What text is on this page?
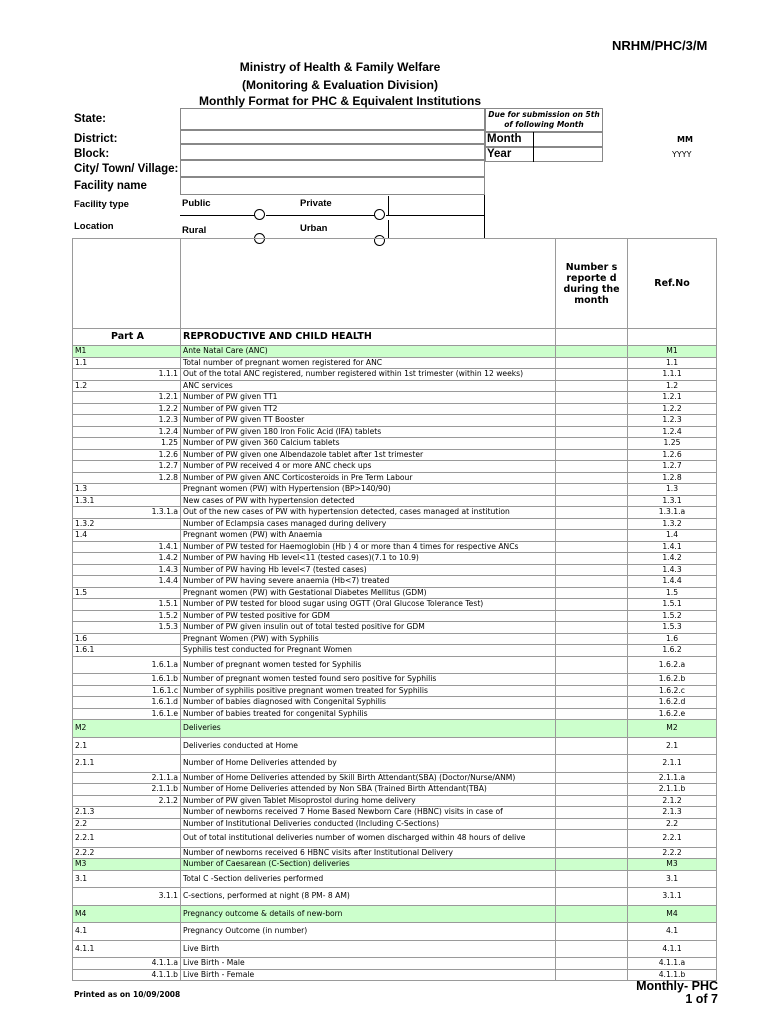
NRHM/PHC/3/M
Ministry of Health & Family Welfare
(Monitoring & Evaluation Division)
Monthly Format for PHC & Equivalent Institutions
State:
District:
Block:
City/ Town/ Village:
Facility name
Facility type
Location
Due for submission on 5th of following Month
Month
Year
MM
YYYY
Public	Private
Rural	Urban
		Number s reporte d during the month	Ref.No
Part A	REPRODUCTIVE AND CHILD HEALTH		
M1	Ante Natal Care (ANC)		M1
1.1	Total number of pregnant women registered for ANC		1.1
1.1.1	Out of the total ANC registered, number registered within 1st trimester (within 12 weeks)		1.1.1
1.2	ANC services		1.2
1.2.1	Number of PW given TT1		1.2.1
1.2.2	Number of PW given TT2		1.2.2
1.2.3	Number of PW given TT Booster		1.2.3
1.2.4	Number of PW given 180 Iron Folic Acid (IFA) tablets		1.2.4
1.25	Number of PW given 360 Calcium tablets		1.25
1.2.6	Number of PW given one Albendazole tablet after 1st trimester		1.2.6
1.2.7	Number of PW received 4 or more ANC check ups		1.2.7
1.2.8	Number of PW given ANC Corticosteroids in Pre Term Labour		1.2.8
1.3	Pregnant women (PW) with Hypertension (BP>140/90)		1.3
1.3.1	New cases of PW with hypertension detected		1.3.1
1.3.1.a	Out of the new cases of PW with hypertension detected, cases managed at institution		1.3.1.a
1.3.2	Number of Eclampsia cases managed during delivery		1.3.2
1.4	Pregnant women (PW) with Anaemia		1.4
1.4.1	Number of PW tested for Haemoglobin (Hb ) 4 or more than 4 times for respective ANCs		1.4.1
1.4.2	Number of PW having Hb level<11 (tested cases)(7.1 to 10.9)		1.4.2
1.4.3	Number of PW having Hb level<7 (tested cases)		1.4.3
1.4.4	Number of PW having severe anaemia (Hb<7) treated		1.4.4
1.5	Pregnant women (PW) with Gestational Diabetes Mellitus (GDM)		1.5
1.5.1	Number of PW tested for blood sugar using OGTT (Oral Glucose Tolerance Test)		1.5.1
1.5.2	Number of PW tested positive for GDM		1.5.2
1.5.3	Number of PW given insulin out of total tested positive for GDM		1.5.3
1.6	Pregnant Women (PW) with Syphilis		1.6
1.6.1	Syphilis test conducted for Pregnant Women		1.6.2
1.6.1.a	Number of pregnant women tested for Syphilis		1.6.2.a
1.6.1.b	Number of pregnant women tested found sero positive for Syphilis		1.6.2.b
1.6.1.c	Number of syphilis positive pregnant women treated for Syphilis		1.6.2.c
1.6.1.d	Number of babies diagnosed with Congenital Syphilis		1.6.2.d
1.6.1.e	Number of babies treated for congenital Syphilis		1.6.2.e
M2	Deliveries		M2
2.1	Deliveries conducted at Home		2.1
2.1.1	Number of Home Deliveries attended by		2.1.1
2.1.1.a	Number of Home Deliveries attended by Skill Birth Attendant(SBA) (Doctor/Nurse/ANM)		2.1.1.a
2.1.1.b	Number of Home Deliveries attended by Non SBA (Trained Birth Attendant(TBA)		2.1.1.b
2.1.2	Number of PW given Tablet Misoprostol during home delivery		2.1.2
2.1.3	Number of newborns received 7 Home Based Newborn Care (HBNC) visits in case of		2.1.3
2.2	Number of Institutional Deliveries conducted (Including C-Sections)		2.2
2.2.1	Out of total institutional deliveries number of women discharged within 48 hours of delive		2.2.1
2.2.2	Number of newborns received 6 HBNC visits after Institutional Delivery		2.2.2
M3	Number of Caesarean (C-Section) deliveries		M3
3.1	Total C -Section deliveries performed		3.1
3.1.1	C-sections, performed at night (8 PM- 8 AM)		3.1.1
M4	Pregnancy outcome & details of new-born		M4
4.1	Pregnancy Outcome (in number)		4.1
4.1.1	Live Birth		4.1.1
4.1.1.a	Live Birth - Male		4.1.1.a
4.1.1.b	Live Birth - Female		4.1.1.b
Printed as on 10/09/2008
Monthly- PHC
1 of 7
